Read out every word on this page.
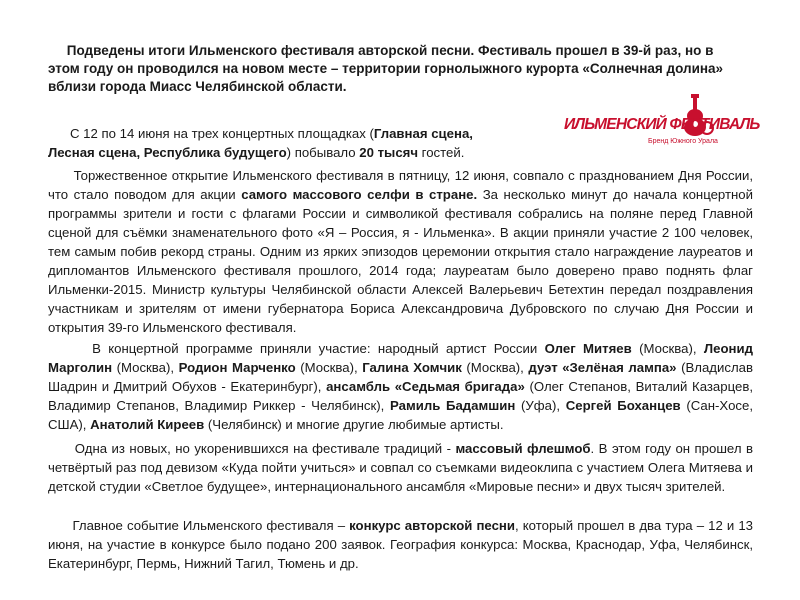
Подведены итоги Ильменского фестиваля авторской песни. Фестиваль прошел в 39-й раз, но в этом году он проводился на новом месте – территории горнолыжного курорта «Солнечная долина» вблизи города Миасс Челябинской области.

ИЛЬМЕНСКИЙ ФЕСТИВАЛЬ
Бренд Южного Урала

С 12 по 14 июня на трех концертных площадках (Главная сцена, Лесная сцена, Республика будущего) побывало 20 тысяч гостей.

Торжественное открытие Ильменского фестиваля в пятницу, 12 июня, совпало с празднованием Дня России, что стало поводом для акции самого массового селфи в стране. За несколько минут до начала концертной программы зрители и гости с флагами России и символикой фестиваля собрались на поляне перед Главной сценой для съёмки знаменательного фото «Я – Россия, я - Ильменка». В акции приняли участие 2 100 человек, тем самым побив рекорд страны. Одним из ярких эпизодов церемонии открытия стало награждение лауреатов и дипломантов Ильменского фестиваля прошлого, 2014 года; лауреатам было доверено право поднять флаг Ильменки-2015. Министр культуры Челябинской области Алексей Валерьевич Бетехтин передал поздравления участникам и зрителям от имени губернатора Бориса Александровича Дубровского по случаю Дня России и открытия 39-го Ильменского фестиваля.

В концертной программе приняли участие: народный артист России Олег Митяев (Москва), Леонид Марголин (Москва), Родион Марченко (Москва), Галина Хомчик (Москва), дуэт «Зелёная лампа» (Владислав Шадрин и Дмитрий Обухов - Екатеринбург), ансамбль «Седьмая бригада» (Олег Степанов, Виталий Казарцев, Владимир Степанов, Владимир Риккер - Челябинск), Рамиль Бадамшин (Уфа), Сергей Боханцев (Сан-Хосе, США), Анатолий Киреев (Челябинск) и многие другие любимые артисты.

Одна из новых, но укоренившихся на фестивале традиций - массовый флешмоб. В этом году он прошел в четвёртый раз под девизом «Куда пойти учиться» и совпал со съемками видеоклипа с участием Олега Митяева и детской студии «Светлое будущее», интернационального ансамбля «Мировые песни» и двух тысяч зрителей.

Главное событие Ильменского фестиваля – конкурс авторской песни, который прошел в два тура – 12 и 13 июня, на участие в конкурсе было подано 200 заявок. География конкурса: Москва, Краснодар, Уфа, Челябинск, Екатеринбург, Пермь, Нижний Тагил, Тюмень и др.
